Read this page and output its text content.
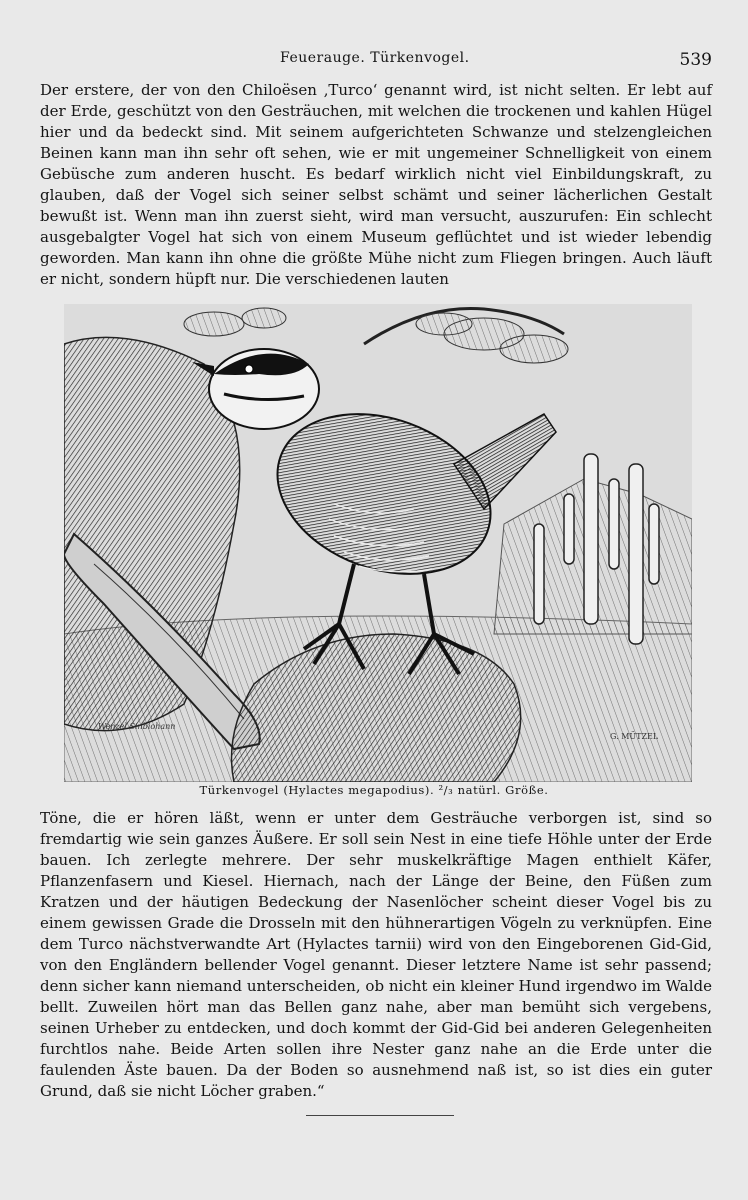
Feuerauge. Türkenvogel.	539

Der erstere, der von den Chiloësen ‚Turco‘ genannt wird, ist nicht selten. Er lebt auf der Erde, geschützt von den Gesträuchen, mit welchen die trockenen und kahlen Hügel hier und da bedeckt sind. Mit seinem aufgerichteten Schwanze und stelzengleichen Beinen kann man ihn sehr oft sehen, wie er mit ungemeiner Schnelligkeit von einem Gebüsche zum anderen huscht. Es bedarf wirklich nicht viel Einbildungskraft, zu glauben, daß der Vogel sich seiner selbst schämt und seiner lächerlichen Gestalt bewußt ist. Wenn man ihn zuerst sieht, wird man versucht, auszurufen: Ein schlecht ausgebalgter Vogel hat sich von einem Museum geflüchtet und ist wieder lebendig geworden. Man kann ihn ohne die größte Mühe nicht zum Fliegen bringen. Auch läuft er nicht, sondern hüpft nur. Die verschiedenen lauten

Wenzel Sinbiohann
G. MÜTZEL
Türkenvogel (Hylactes megapodius). ²/₃ natürl. Größe.

Töne, die er hören läßt, wenn er unter dem Gesträuche verborgen ist, sind so fremdartig wie sein ganzes Äußere. Er soll sein Nest in eine tiefe Höhle unter der Erde bauen. Ich zerlegte mehrere. Der sehr muskelkräftige Magen enthielt Käfer, Pflanzenfasern und Kiesel. Hiernach, nach der Länge der Beine, den Füßen zum Kratzen und der häutigen Bedeckung der Nasenlöcher scheint dieser Vogel bis zu einem gewissen Grade die Drosseln mit den hühnerartigen Vögeln zu verknüpfen. Eine dem Turco nächstverwandte Art (Hylactes tarnii) wird von den Eingeborenen Gid-Gid, von den Engländern bellender Vogel genannt. Dieser letztere Name ist sehr passend; denn sicher kann niemand unterscheiden, ob nicht ein kleiner Hund irgendwo im Walde bellt. Zuweilen hört man das Bellen ganz nahe, aber man bemüht sich vergebens, seinen Urheber zu entdecken, und doch kommt der Gid-Gid bei anderen Gelegenheiten furchtlos nahe. Beide Arten sollen ihre Nester ganz nahe an die Erde unter die faulenden Äste bauen. Da der Boden so ausnehmend naß ist, so ist dies ein guter Grund, daß sie nicht Löcher graben.“
